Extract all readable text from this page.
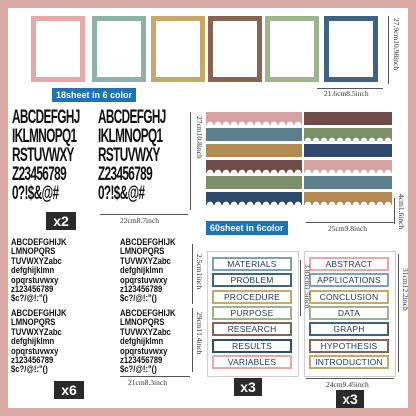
18sheet in 6 color	21.6cm8.5inch
27.9cm10.98inch
ABCDEFGHJ
IKLMNOPQ1
RSTUVWXY
Z23456789
0?!$&@#
ABCDEFGHJ
IKLMNOPQ1
RSTUVWXY
Z23456789
0?!$&@#
x2	22cm8.7inch
27cm10.8inch
60sheet in 6color	25cm9.8inch	4cm1.6inch
ABCDEFGHIJK
LMNOPQRS
TUVWXYZabc
defghijklmn
opqrstuvwxy
z123456789
$c?/@!:"()
ABCDEFGHIJK
LMNOPQRS
TUVWXYZabc
defghijklmn
opqrstuvwxy
z123456789
$c?/@!:"()
ABCDEFGHIJK
LMNOPQRS
TUVWXYZabc
defghijklmn
opqrstuvwxy
z123456789
$c?/@!:"()
ABCDEFGHIJK
LMNOPQRS
TUVWXYZabc
defghijklmn
opqrstuvwxy
z123456789
$c?/@!:"()
x6	21cm8.3inch
2.5cm1inch
29cm11.4inch
MATERIALS
PROBLEM
PROCEDURE
PURPOSE
RESEARCH
RESULTS
VARIABLES
ABSTRACT
APPLICATIONS
CONCLUSION
DATA
GRAPH
HYPOTHESIS
INTRODUCTION
x3
x3
3.81cm1.5inch
24cm9.45inch
31cm12.2inch
